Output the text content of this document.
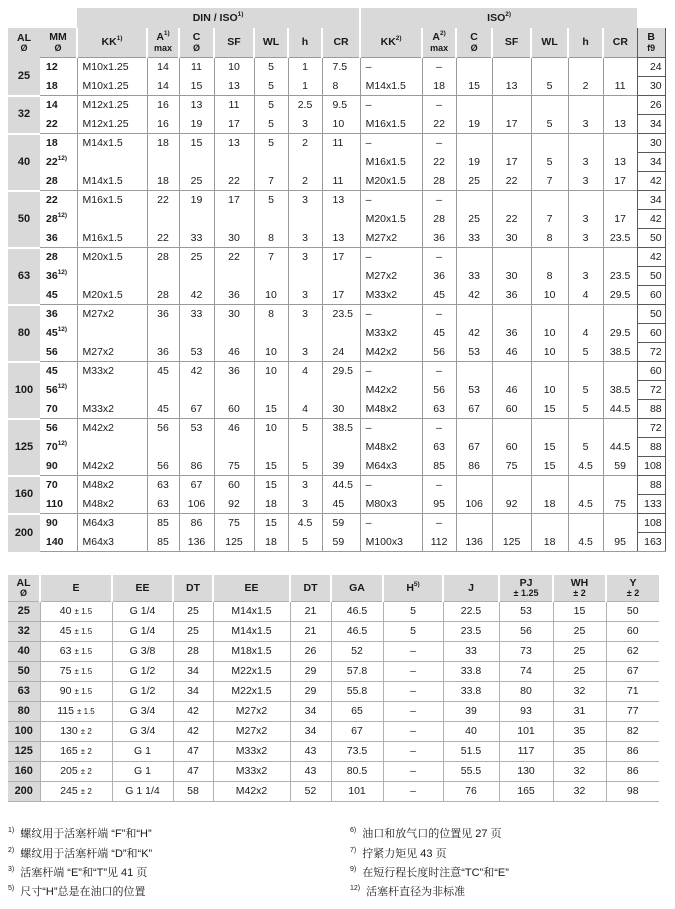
		DIN / ISO$^{1)}$							ISO$^{2)}$	
AL
Ø	MM
Ø	KK$^{1)}$	$A^{1)}$
max	C
Ø	SF	WL	h	CR	KK$^{2)}$	$A^{2)}$
max	C
Ø	SF	WL	h	CR	B
f9

25	12	M10x1.25	14	11	10	5	1	7.5	–	–						24
	18	M10x1.25	14	15	13	5	1	8	M14x1.5	18	15	13	5	2	11	30
32	14	M12x1.25	16	13	11	5	2.5	9.5	–	–						26
	22	M12x1.25	16	19	17	5	3	10	M16x1.5	22	19	17	5	3	13	34
40	18	M14x1.5	18	15	13	5	2	11	–	–						30
	22$^{12)}$								M16x1.5	22	19	17	5	3	13	34
	28	M14x1.5	18	25	22	7	2	11	M20x1.5	28	25	22	7	3	17	42
50	22	M16x1.5	22	19	17	5	3	13	–	–						34
	28$^{12)}$								M20x1.5	28	25	22	7	3	17	42
	36	M16x1.5	22	33	30	8	3	13	M27x2	36	33	30	8	3	23.5	50
63	28	M20x1.5	28	25	22	7	3	17	–	–						42
	36$^{12)}$								M27x2	36	33	30	8	3	23.5	50
	45	M20x1.5	28	42	36	10	3	17	M33x2	45	42	36	10	4	29.5	60
80	36	M27x2	36	33	30	8	3	23.5	–	–						50
	45$^{12)}$								M33x2	45	42	36	10	4	29.5	60
	56	M27x2	36	53	46	10	3	24	M42x2	56	53	46	10	5	38.5	72
100	45	M33x2	45	42	36	10	4	29.5	–	–						60
	56$^{12)}$								M42x2	56	53	46	10	5	38.5	72
	70	M33x2	45	67	60	15	4	30	M48x2	63	67	60	15	5	44.5	88
125	56	M42x2	56	53	46	10	5	38.5	–	–						72
	70$^{12)}$								M48x2	63	67	60	15	5	44.5	88
	90	M42x2	56	86	75	15	5	39	M64x3	85	86	75	15	4.5	59	108
160	70	M48x2	63	67	60	15	3	44.5	–	–						88
	110	M48x2	63	106	92	18	3	45	M80x3	95	106	92	18	4.5	75	133
200	90	M64x3	85	86	75	15	4.5	59	–	–						108
	140	M64x3	85	136	125	18	5	59	M100x3	112	136	125	18	4.5	95	163
AL
Ø	E	EE	DT	EE	DT	GA	$H^{5)}$	J	PJ
± 1.25	WH
± 2	Y
± 2

25	40 ± 1.5	G 1/4	25	M14x1.5	21	46.5	5	22.5	53	15	50
32	45 ± 1.5	G 1/4	25	M14x1.5	21	46.5	5	23.5	56	25	60
40	63 ± 1.5	G 3/8	28	M18x1.5	26	52	–	33	73	25	62
50	75 ± 1.5	G 1/2	34	M22x1.5	29	57.8	–	33.8	74	25	67
63	90 ± 1.5	G 1/2	34	M22x1.5	29	55.8	–	33.8	80	32	71
80	115 ± 1.5	G 3/4	42	M27x2	34	65	–	39	93	31	77
100	130 ± 2	G 3/4	42	M27x2	34	67	–	40	101	35	82
125	165 ± 2	G 1	47	M33x2	43	73.5	–	51.5	117	35	86
160	205 ± 2	G 1	47	M33x2	43	80.5	–	55.5	130	32	86
200	245 ± 2	G 1 1/4	58	M42x2	52	101	–	76	165	32	98
$^{1)}$ 螺纹用于活塞杆端 “F”和“H”
$^{2)}$ 螺纹用于活塞杆端 “D”和“K”
$^{3)}$ 活塞杆端 “E”和“T”见 41 页
$^{5)}$ 尺寸“H”总是在油口的位置
$^{6)}$ 油口和放气口的位置见 27 页
$^{7)}$ 拧紧力矩见 43 页
$^{9)}$ 在短行程长度时注意“TC”和“E”
$^{12)}$ 活塞杆直径为非标准
